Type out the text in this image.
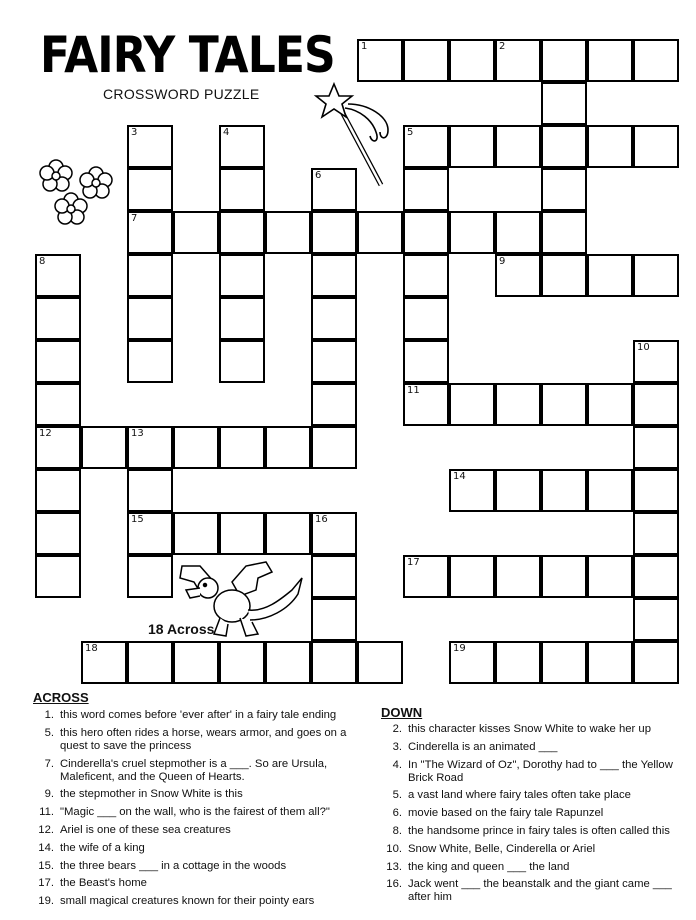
FAIRY TALES
CROSSWORD PUZZLE
1	2
3	4	5
6
7
8	9
10
11
12	13
14
15	16
17
18	19
18 Across
ACROSS
1. this word comes before 'ever after' in a fairy tale ending
5. this hero often rides a horse, wears armor, and goes on a quest to save the princess
7. Cinderella's cruel stepmother is a ___. So are Ursula, Maleficent, and the Queen of Hearts.
9. the stepmother in Snow White is this
11. "Magic ___ on the wall, who is the fairest of them all?"
12. Ariel is one of these sea creatures
14. the wife of a king
15. the three bears ___ in a cottage in the woods
17. the Beast's home
19. small magical creatures known for their pointy ears
DOWN
2. this character kisses Snow White to wake her up
3. Cinderella is an animated ___
4. In "The Wizard of Oz", Dorothy had to ___ the Yellow Brick Road
5. a vast land where fairy tales often take place
6. movie based on the fairy tale Rapunzel
8. the handsome prince in fairy tales is often called this
10. Snow White, Belle, Cinderella or Ariel
13. the king and queen ___ the land
16. Jack went ___ the beanstalk and the giant came ___ after him
